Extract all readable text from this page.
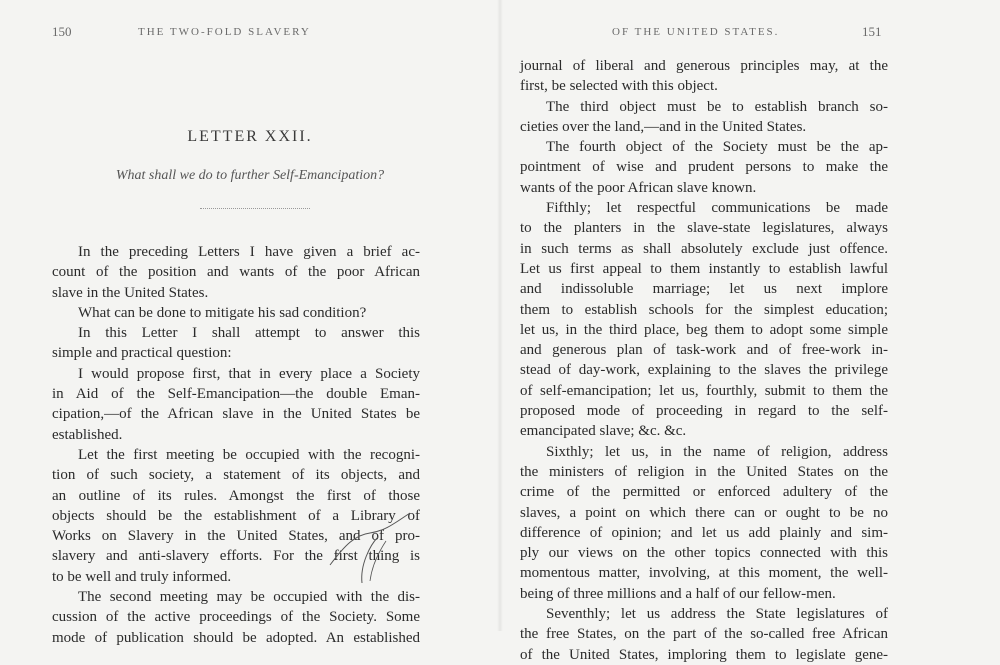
150	THE TWO-FOLD SLAVERY
LETTER XXII.
What shall we do to further Self-Emancipation?
In the preceding Letters I have given a brief ac-
count of the position and wants of the poor African
slave in the United States.
What can be done to mitigate his sad condition?
In this Letter I shall attempt to answer this
simple and practical question:
I would propose first, that in every place a Society
in Aid of the Self-Emancipation—the double Eman-
cipation,—of the African slave in the United States be
established.
Let the first meeting be occupied with the recogni-
tion of such society, a statement of its objects, and
an outline of its rules. Amongst the first of those
objects should be the establishment of a Library of
Works on Slavery in the United States, and of pro-
slavery and anti-slavery efforts. For the first thing is
to be well and truly informed.
The second meeting may be occupied with the dis-
cussion of the active proceedings of the Society. Some
mode of publication should be adopted. An established
OF THE UNITED STATES.	151
journal of liberal and generous principles may, at the
first, be selected with this object.
The third object must be to establish branch so-
cieties over the land,—and in the United States.
The fourth object of the Society must be the ap-
pointment of wise and prudent persons to make the
wants of the poor African slave known.
Fifthly; let respectful communications be made
to the planters in the slave-state legislatures, always
in such terms as shall absolutely exclude just offence.
Let us first appeal to them instantly to establish lawful
and indissoluble marriage; let us next implore
them to establish schools for the simplest education;
let us, in the third place, beg them to adopt some simple
and generous plan of task-work and of free-work in-
stead of day-work, explaining to the slaves the privilege
of self-emancipation; let us, fourthly, submit to them the
proposed mode of proceeding in regard to the self-
emancipated slave; &c. &c.
Sixthly; let us, in the name of religion, address
the ministers of religion in the United States on the
crime of the permitted or enforced adultery of the
slaves, a point on which there can or ought to be no
difference of opinion; and let us add plainly and sim-
ply our views on the other topics connected with this
momentous matter, involving, at this moment, the well-
being of three millions and a half of our fellow-men.
Seventhly; let us address the State legislatures of
the free States, on the part of the so-called free African
of the United States, imploring them to legislate gene-
